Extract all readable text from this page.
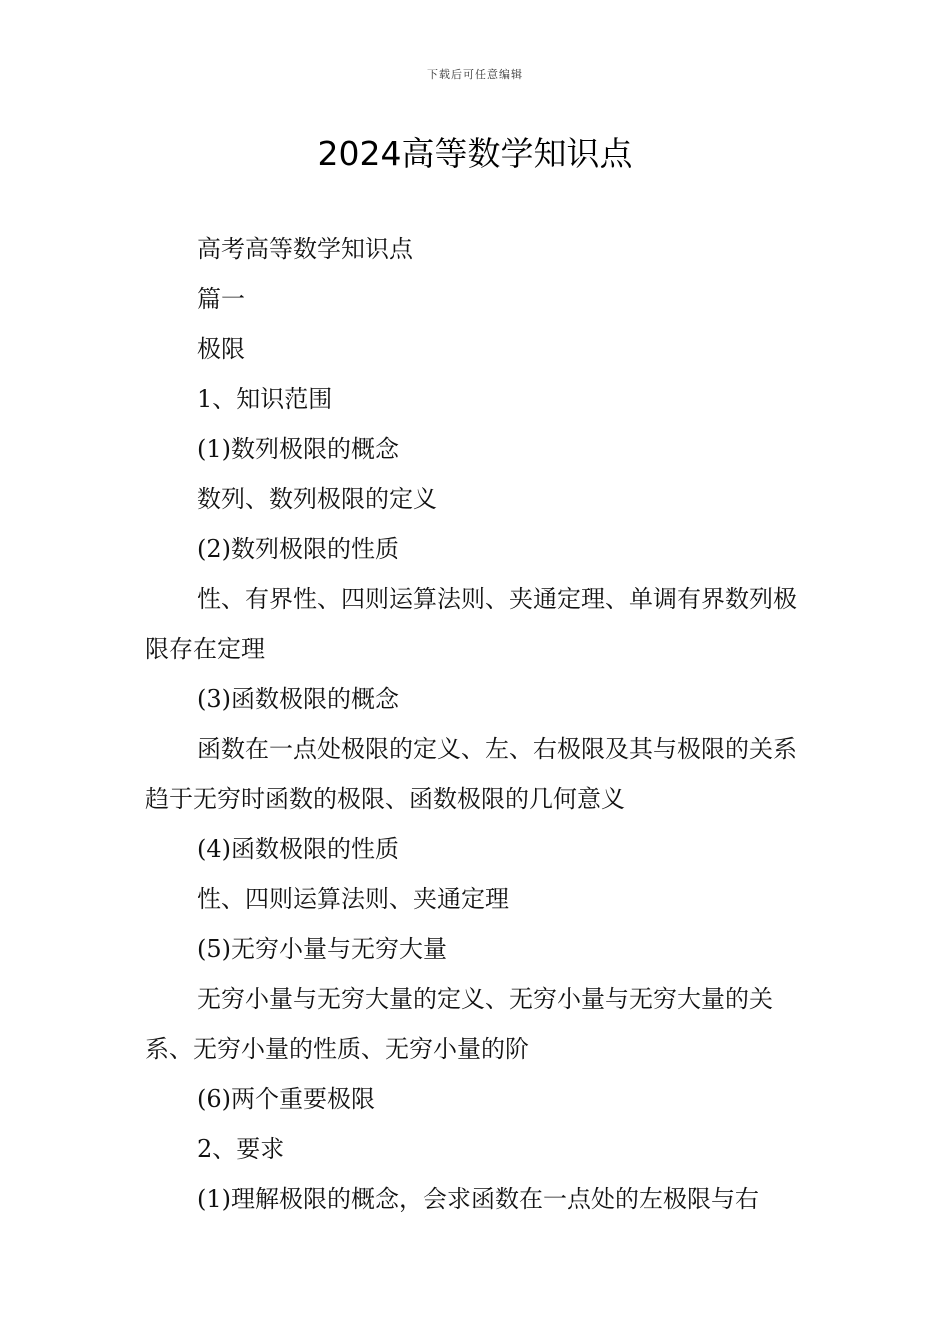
下载后可任意编辑
2024高等数学知识点

高考高等数学知识点

篇一

极限

1、知识范围

(1)数列极限的概念

数列、数列极限的定义

(2)数列极限的性质

性、有界性、四则运算法则、夹通定理、单调有界数列极限存在定理

(3)函数极限的概念

函数在一点处极限的定义、左、右极限及其与极限的关系趋于无穷时函数的极限、函数极限的几何意义

(4)函数极限的性质

性、四则运算法则、夹通定理

(5)无穷小量与无穷大量

无穷小量与无穷大量的定义、无穷小量与无穷大量的关系、无穷小量的性质、无穷小量的阶

(6)两个重要极限

2、要求

(1)理解极限的概念，会求函数在一点处的左极限与右
